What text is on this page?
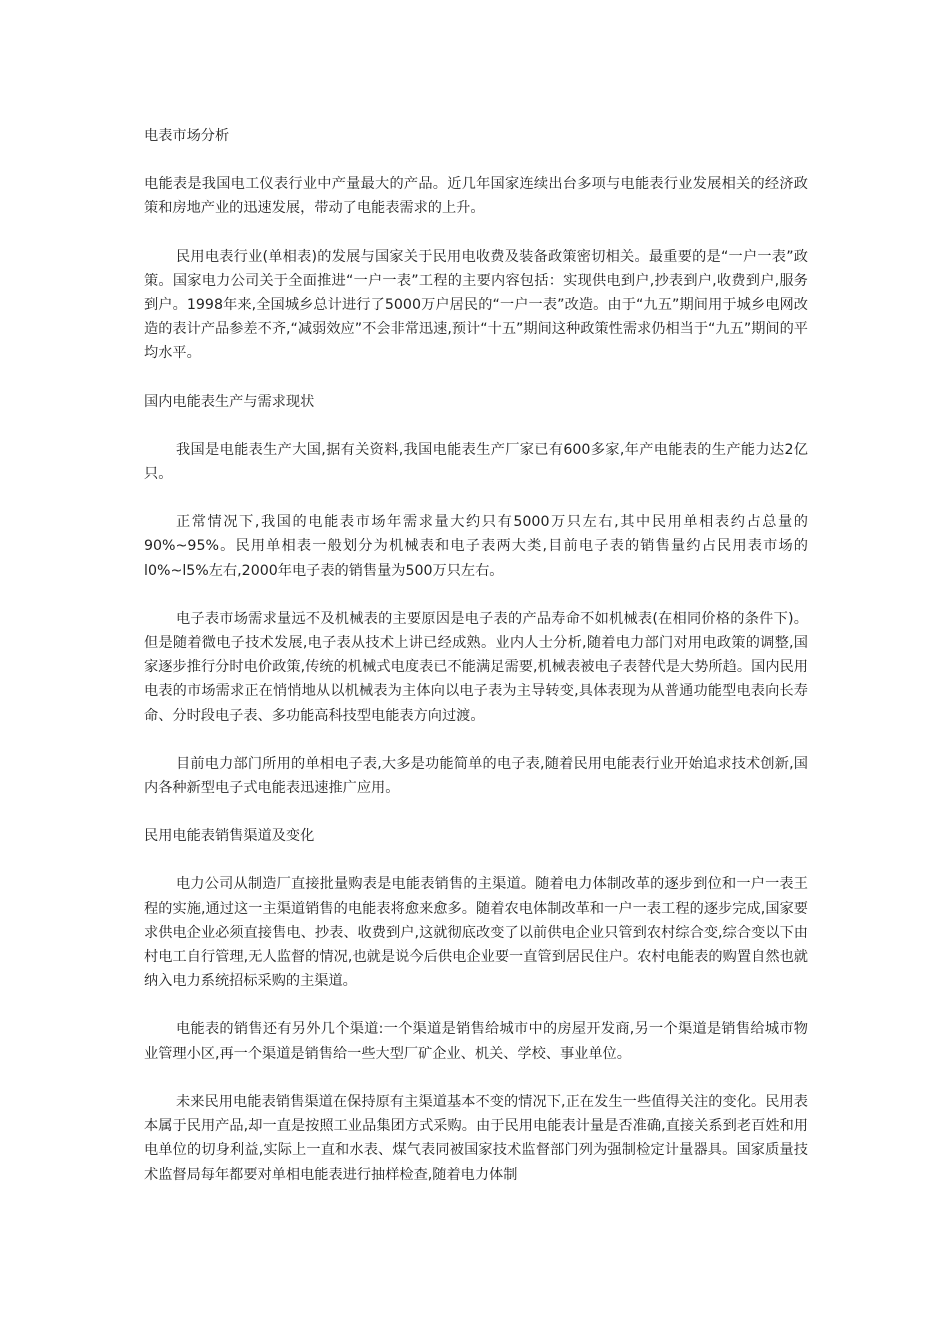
电表市场分析

电能表是我国电工仪表行业中产量最大的产品。近几年国家连续出台多项与电能表行业发展相关的经济政策和房地产业的迅速发展，带动了电能表需求的上升。

民用电表行业(单相表)的发展与国家关于民用电收费及装备政策密切相关。最重要的是“一户一表”政策。国家电力公司关于全面推进“一户一表”工程的主要内容包括：实现供电到户,抄表到户,收费到户,服务到户。1998年来,全国城乡总计进行了5000万户居民的“一户一表”改造。由于“九五”期间用于城乡电网改造的表计产品参差不齐,“减弱效应”不会非常迅速,预计“十五”期间这种政策性需求仍相当于“九五”期间的平均水平。

国内电能表生产与需求现状

我国是电能表生产大国,据有关资料,我国电能表生产厂家已有600多家,年产电能表的生产能力达2亿只。

正常情况下,我国的电能表市场年需求量大约只有5000万只左右,其中民用单相表约占总量的90%~95%。民用单相表一般划分为机械表和电子表两大类,目前电子表的销售量约占民用表市场的l0%~l5%左右,2000年电子表的销售量为500万只左右。

电子表市场需求量远不及机械表的主要原因是电子表的产品寿命不如机械表(在相同价格的条件下)。但是随着微电子技术发展,电子表从技术上讲已经成熟。业内人士分析,随着电力部门对用电政策的调整,国家逐步推行分时电价政策,传统的机械式电度表已不能满足需要,机械表被电子表替代是大势所趋。国内民用电表的市场需求正在悄悄地从以机械表为主体向以电子表为主导转变,具体表现为从普通功能型电表向长寿命、分时段电子表、多功能高科技型电能表方向过渡。

目前电力部门所用的单相电子表,大多是功能简单的电子表,随着民用电能表行业开始追求技术创新,国内各种新型电子式电能表迅速推广应用。

民用电能表销售渠道及变化

电力公司从制造厂直接批量购表是电能表销售的主渠道。随着电力体制改革的逐步到位和一户一表王程的实施,通过这一主渠道销售的电能表将愈来愈多。随着农电体制改革和一户一表工程的逐步完成,国家要求供电企业必须直接售电、抄表、收费到户,这就彻底改变了以前供电企业只管到农村综合变,综合变以下由村电工自行管理,无人监督的情况,也就是说今后供电企业要一直管到居民住户。农村电能表的购置自然也就纳入电力系统招标采购的主渠道。

电能表的销售还有另外几个渠道:一个渠道是销售给城市中的房屋开发商,另一个渠道是销售给城市物业管理小区,再一个渠道是销售给一些大型厂矿企业、机关、学校、事业单位。

未来民用电能表销售渠道在保持原有主渠道基本不变的情况下,正在发生一些值得关注的变化。民用表本属于民用产品,却一直是按照工业品集团方式采购。由于民用电能表计量是否准确,直接关系到老百姓和用电单位的切身利益,实际上一直和水表、煤气表同被国家技术监督部门列为强制检定计量器具。国家质量技术监督局每年都要对单相电能表进行抽样检查,随着电力体制
